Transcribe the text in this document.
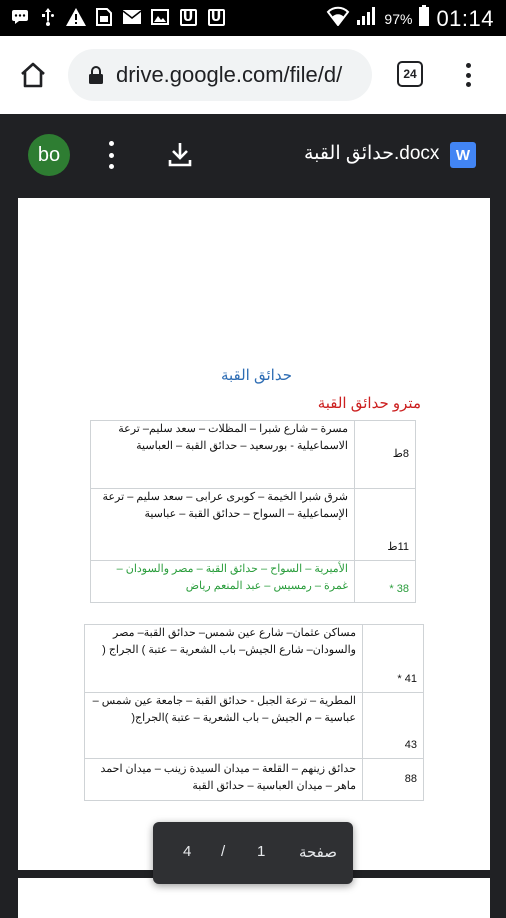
U U	97% 01:14
drive.google.com/file/d/	24
bo	حدائق القبة.docx	W
حدائق القبة
مترو حدائق القبة
8ط	مسرة – شارع شبرا – المظلات – سعد سليم– ترعة الاسماعيلية - بورسعيد – حدائق القبة – العباسية
11ط	شرق شبرا الخيمة – كوبرى عرابى – سعد سليم – ترعة الإسماعيلية – السواح – حدائق القبة – عباسية
38 *	الأميرية – السواح – حدائق القبة – مصر والسودان – غمرة – رمسيس – عبد المنعم رياض
41 *	مساكن عثمان– شارع عين شمس– حدائق القبة– مصر والسودان– شارع الجيش– باب الشعرية – عتبة ) الجراج (
43	المطرية – ترعة الجبل - حدائق القبة – جامعة عين شمس – عباسية – م الجيش – باب الشعرية – عتبة )الجراج(
88	حدائق زينهم – القلعة – ميدان السيدة زينب – ميدان احمد ماهر – ميدان العباسية – حدائق القبة
صفحة
1
/
4
